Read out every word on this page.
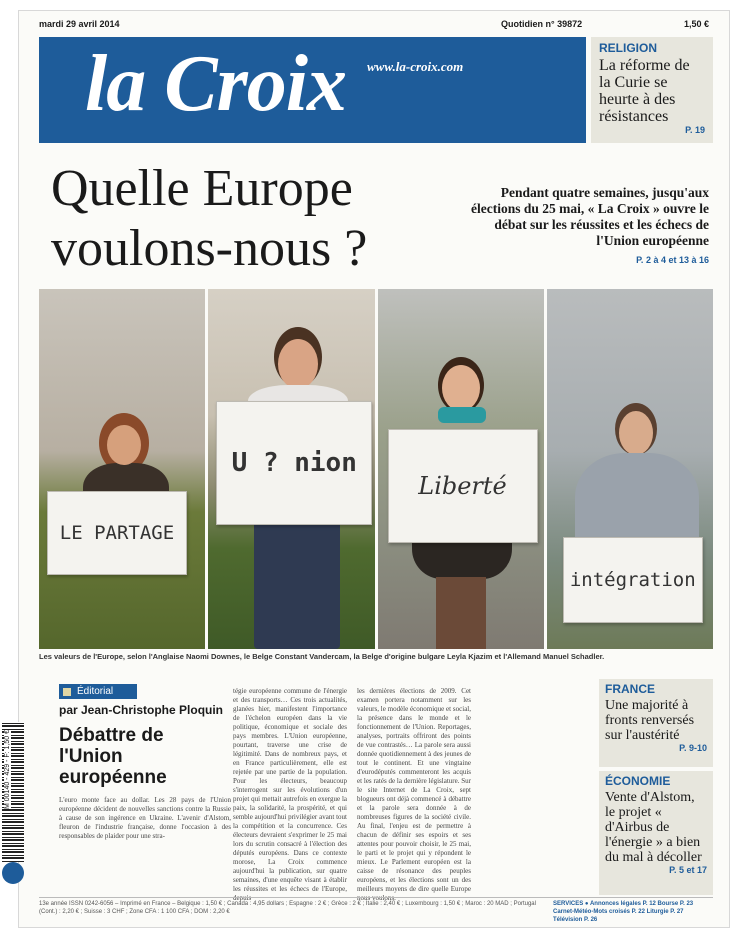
mardi 29 avril 2014	Quotidien n° 39872	1,50 €
la Croix www.la-croix.com
RELIGION
La réforme de la Curie se heurte à des résistances
P. 19
Quelle Europe
voulons-nous ?
Pendant quatre semaines, jusqu'aux élections du 25 mai, « La Croix » ouvre le débat sur les réussites et les échecs de l'Union européenne
P. 2 à 4 et 13 à 16
LE PARTAGE
U ? nion
Liberté
intégration
Les valeurs de l'Europe, selon l'Anglaise Naomi Downes, le Belge Constant Vandercam, la Belge d'origine bulgare Leyla Kjazim et l'Allemand Manuel Schadler.
Éditorial
par Jean-Christophe Ploquin
Débattre de l'Union européenne
L'euro monte face au dollar. Les 28 pays de l'Union européenne décident de nouvelles sanctions contre la Russie à cause de son ingérence en Ukraine. L'avenir d'Alstom, fleuron de l'industrie française, donne l'occasion à des responsables de plaider pour une stra-
tégie européenne commune de l'énergie et des transports… Ces trois actualités, glanées hier, manifestent l'importance de l'échelon européen dans la vie politique, économique et sociale des pays membres. L'Union européenne, pourtant, traverse une crise de légitimité. Dans de nombreux pays, et en France particulièrement, elle est rejetée par une partie de la population. Pour les électeurs, beaucoup s'interrogent sur les évolutions d'un projet qui mettait autrefois en exergue la paix, la solidarité, la prospérité, et qui semble aujourd'hui privilégier avant tout la compétition et la concurrence. Ces électeurs devraient s'exprimer le 25 mai lors du scrutin consacré à l'élection des députés européens. Dans ce contexte morose, La Croix commence aujourd'hui la publication, sur quatre semaines, d'une enquête visant à établir les réussites et les échecs de l'Europe, depuis
les dernières élections de 2009. Cet examen portera notamment sur les valeurs, le modèle économique et social, la présence dans le monde et le fonctionnement de l'Union. Reportages, analyses, portraits offriront des points de vue contrastés… La parole sera aussi donnée quotidiennement à des jeunes de tout le continent. Et une vingtaine d'eurodéputés commenteront les acquis et les ratés de la dernière législature. Sur le site Internet de La Croix, sept blogueurs ont déjà commencé à débattre et la parole sera donnée à de nombreuses figures de la société civile. Au final, l'enjeu est de permettre à chacun de définir ses espoirs et ses attentes pour pouvoir choisir, le 25 mai, le parti et le projet qui y répondent le mieux. Le Parlement européen est la caisse de résonance des peuples européens, et les élections sont un des meilleurs moyens de dire quelle Europe nous voulons.
FRANCE
Une majorité à fronts renversés sur l'austérité
P. 9-10
ÉCONOMIE
Vente d'Alstom, le projet « d'Airbus de l'énergie » a bien du mal à décoller
P. 5 et 17
13e année ISSN 0242-6056 – Imprimé en France – Belgique : 1,50 € ; Canada : 4,95 dollars ; Espagne : 2 € ; Grèce : 2 € ; Italie : 2,40 € ; Luxembourg : 1,50 € ; Maroc : 20 MAD ; Portugal (Cont.) : 2,20 € ; Suisse : 3 CHF ; Zone CFA : 1 100 CFA ; DOM : 2,20 €
SERVICES ● Annonces légales P. 12 Bourse P. 23 Carnet-Météo-Mots croisés P. 22 Liturgie P. 27 Télévision P. 26
M 00140 - 429 - F: 1,50 €
